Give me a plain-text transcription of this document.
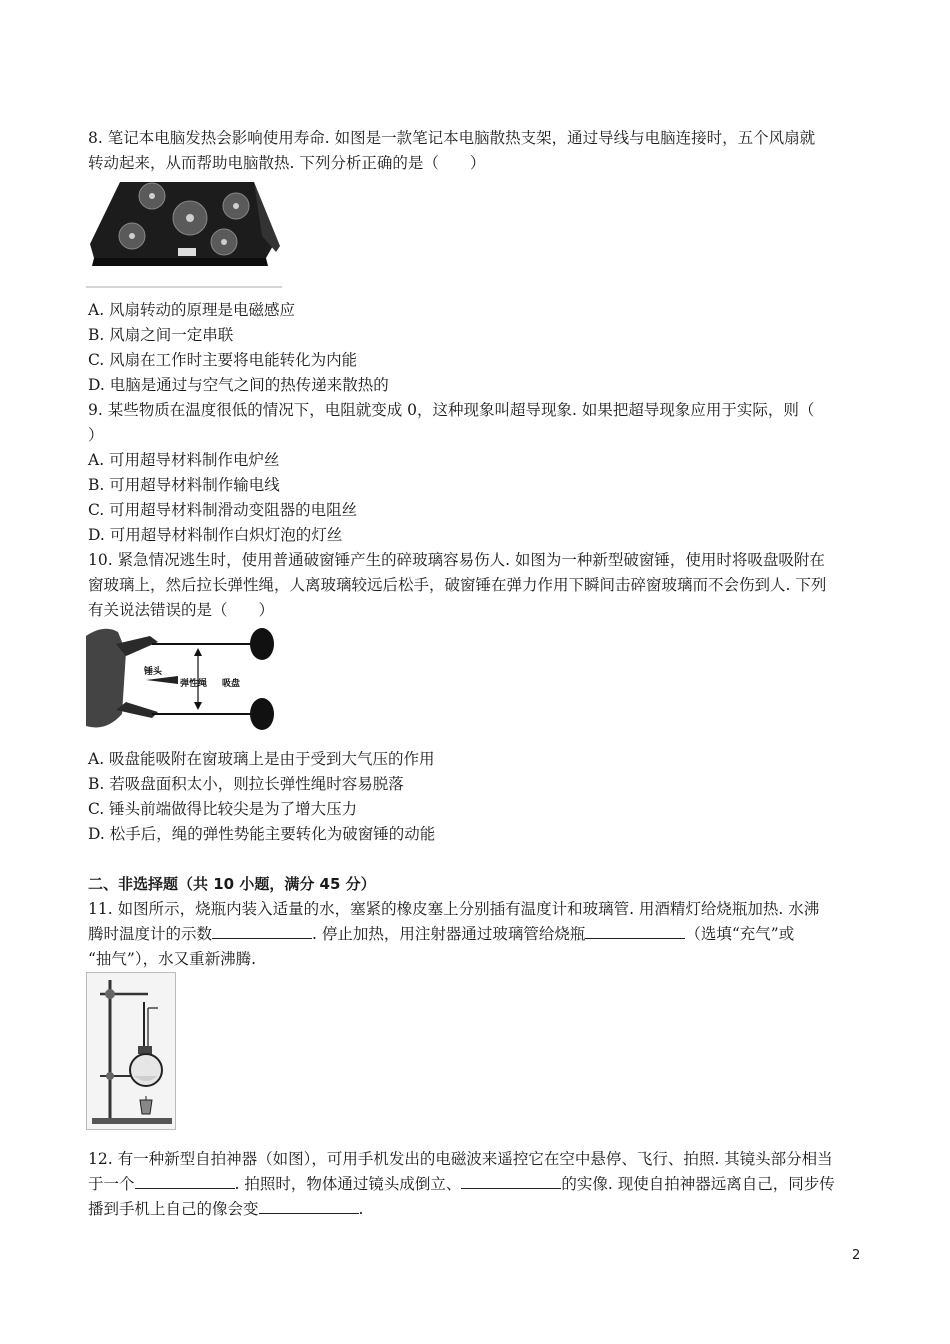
8. 笔记本电脑发热会影响使用寿命. 如图是一款笔记本电脑散热支架，通过导线与电脑连接时，五个风扇就
转动起来，从而帮助电脑散热. 下列分析正确的是（　　）
A. 风扇转动的原理是电磁感应
B. 风扇之间一定串联
C. 风扇在工作时主要将电能转化为内能
D. 电脑是通过与空气之间的热传递来散热的
9. 某些物质在温度很低的情况下，电阻就变成 0，这种现象叫超导现象. 如果把超导现象应用于实际，则（
）
A. 可用超导材料制作电炉丝
B. 可用超导材料制作输电线
C. 可用超导材料制滑动变阻器的电阻丝
D. 可用超导材料制作白炽灯泡的灯丝
10. 紧急情况逃生时，使用普通破窗锤产生的碎玻璃容易伤人. 如图为一种新型破窗锤，使用时将吸盘吸附在
窗玻璃上，然后拉长弹性绳，人离玻璃较远后松手，破窗锤在弹力作用下瞬间击碎窗玻璃而不会伤到人. 下列
有关说法错误的是（　　）
锤头
弹性绳 吸盘
A. 吸盘能吸附在窗玻璃上是由于受到大气压的作用
B. 若吸盘面积太小，则拉长弹性绳时容易脱落
C. 锤头前端做得比较尖是为了增大压力
D. 松手后，绳的弹性势能主要转化为破窗锤的动能
二、非选择题（共 10 小题，满分 45 分）
11. 如图所示，烧瓶内装入适量的水，塞紧的橡皮塞上分别插有温度计和玻璃管. 用酒精灯给烧瓶加热. 水沸
腾时温度计的示数	. 停止加热，用注射器通过玻璃管给烧瓶	（选填“充气”或
“抽气”），水又重新沸腾.
12. 有一种新型自拍神器（如图），可用手机发出的电磁波来遥控它在空中悬停、飞行、拍照. 其镜头部分相当
于一个	. 拍照时，物体通过镜头成倒立、	的实像. 现使自拍神器远离自己，同步传
播到手机上自己的像会变	.
2
